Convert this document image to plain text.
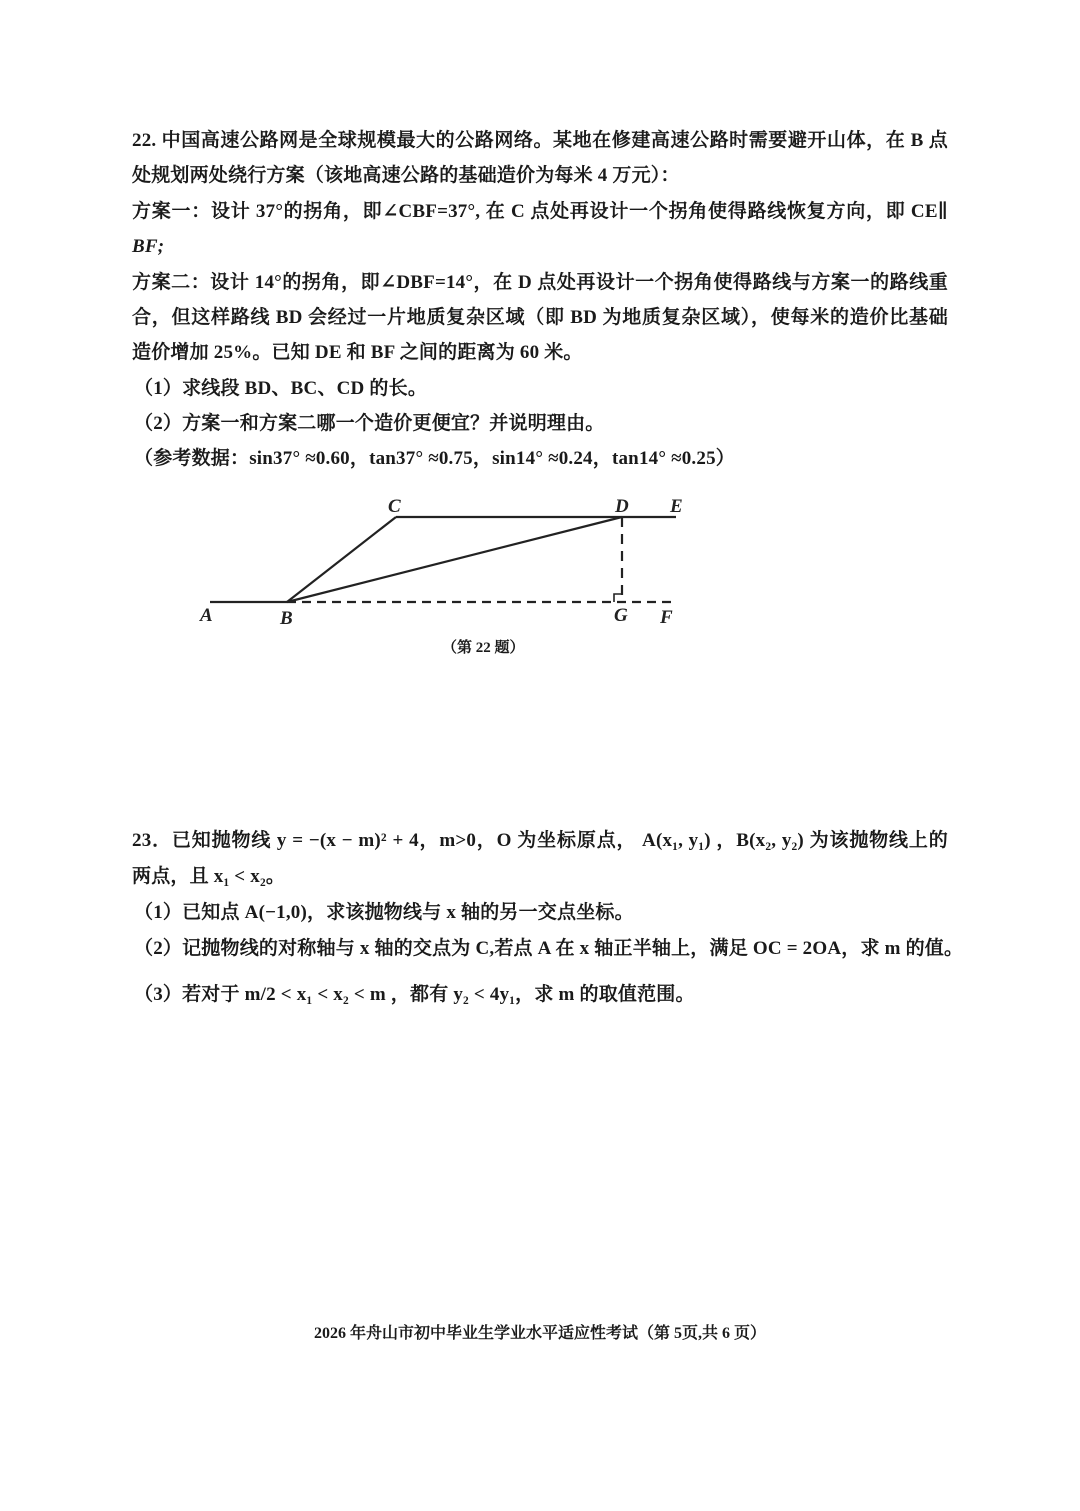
22. 中国高速公路网是全球规模最大的公路网络。某地在修建高速公路时需要避开山体，在 B 点
处规划两处绕行方案（该地高速公路的基础造价为每米 4 万元）：
方案一：设计 37°的拐角，即∠CBF=37°, 在 C 点处再设计一个拐角使得路线恢复方向，即 CE∥
BF;
方案二：设计 14°的拐角，即∠DBF=14°，在 D 点处再设计一个拐角使得路线与方案一的路线重
合，但这样路线 BD 会经过一片地质复杂区域（即 BD 为地质复杂区域），使每米的造价比基础
造价增加 25%。已知 DE 和 BF 之间的距离为 60 米。
（1）求线段 BD、BC、CD 的长。
（2）方案一和方案二哪一个造价更便宜？并说明理由。
（参考数据：sin37° ≈0.60，tan37° ≈0.75，sin14° ≈0.24，tan14° ≈0.25）
A	B
C	D E
G F
（第 22 题）
23．已知抛物线 y = −(x − m)² + 4，m>0，O 为坐标原点， A(x₁, y₁) ，B(x₂, y₂) 为该抛物线上的
两点，且 x₁ < x₂。
（1）已知点 A(−1,0)，求该抛物线与 x 轴的另一交点坐标。
（2）记抛物线的对称轴与 x 轴的交点为 C,若点 A 在 x 轴正半轴上，满足 OC = 2OA，求 m 的值。
（3）若对于 m/2 < x₁ < x₂ < m ，都有 y₂ < 4y₁，求 m 的取值范围。
2026 年舟山市初中毕业生学业水平适应性考试（第 5页,共 6 页）
